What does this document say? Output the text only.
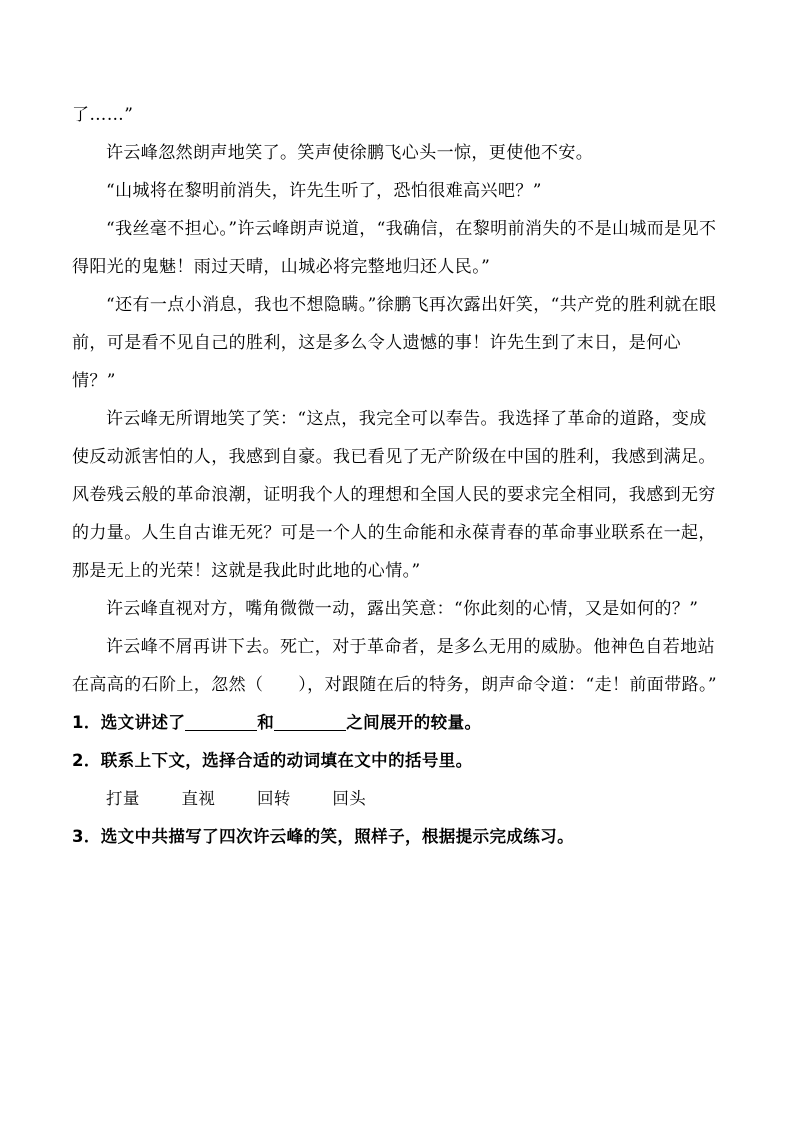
了……”

许云峰忽然朗声地笑了。笑声使徐鹏飞心头一惊，更使他不安。

“山城将在黎明前消失，许先生听了，恐怕很难高兴吧？”

“我丝毫不担心。”许云峰朗声说道，“我确信，在黎明前消失的不是山城而是见不得阳光的鬼魅！雨过天晴，山城必将完整地归还人民。”

“还有一点小消息，我也不想隐瞒。”徐鹏飞再次露出奸笑，“共产党的胜利就在眼前，可是看不见自己的胜利，这是多么令人遗憾的事！许先生到了末日，是何心情？”

许云峰无所谓地笑了笑：“这点，我完全可以奉告。我选择了革命的道路，变成使反动派害怕的人，我感到自豪。我已看见了无产阶级在中国的胜利，我感到满足。风卷残云般的革命浪潮，证明我个人的理想和全国人民的要求完全相同，我感到无穷的力量。人生自古谁无死？可是一个人的生命能和永葆青春的革命事业联系在一起，那是无上的光荣！这就是我此时此地的心情。”

许云峰直视对方，嘴角微微一动，露出笑意：“你此刻的心情，又是如何的？”

许云峰不屑再讲下去。死亡，对于革命者，是多么无用的威胁。他神色自若地站在高高的石阶上，忽然（　　），对跟随在后的特务，朗声命令道：“走！前面带路。”

1．选文讲述了	和	之间展开的较量。

2．联系上下文，选择合适的动词填在文中的括号里。

打量	直视	回转	回头

3．选文中共描写了四次许云峰的笑，照样子，根据提示完成练习。
